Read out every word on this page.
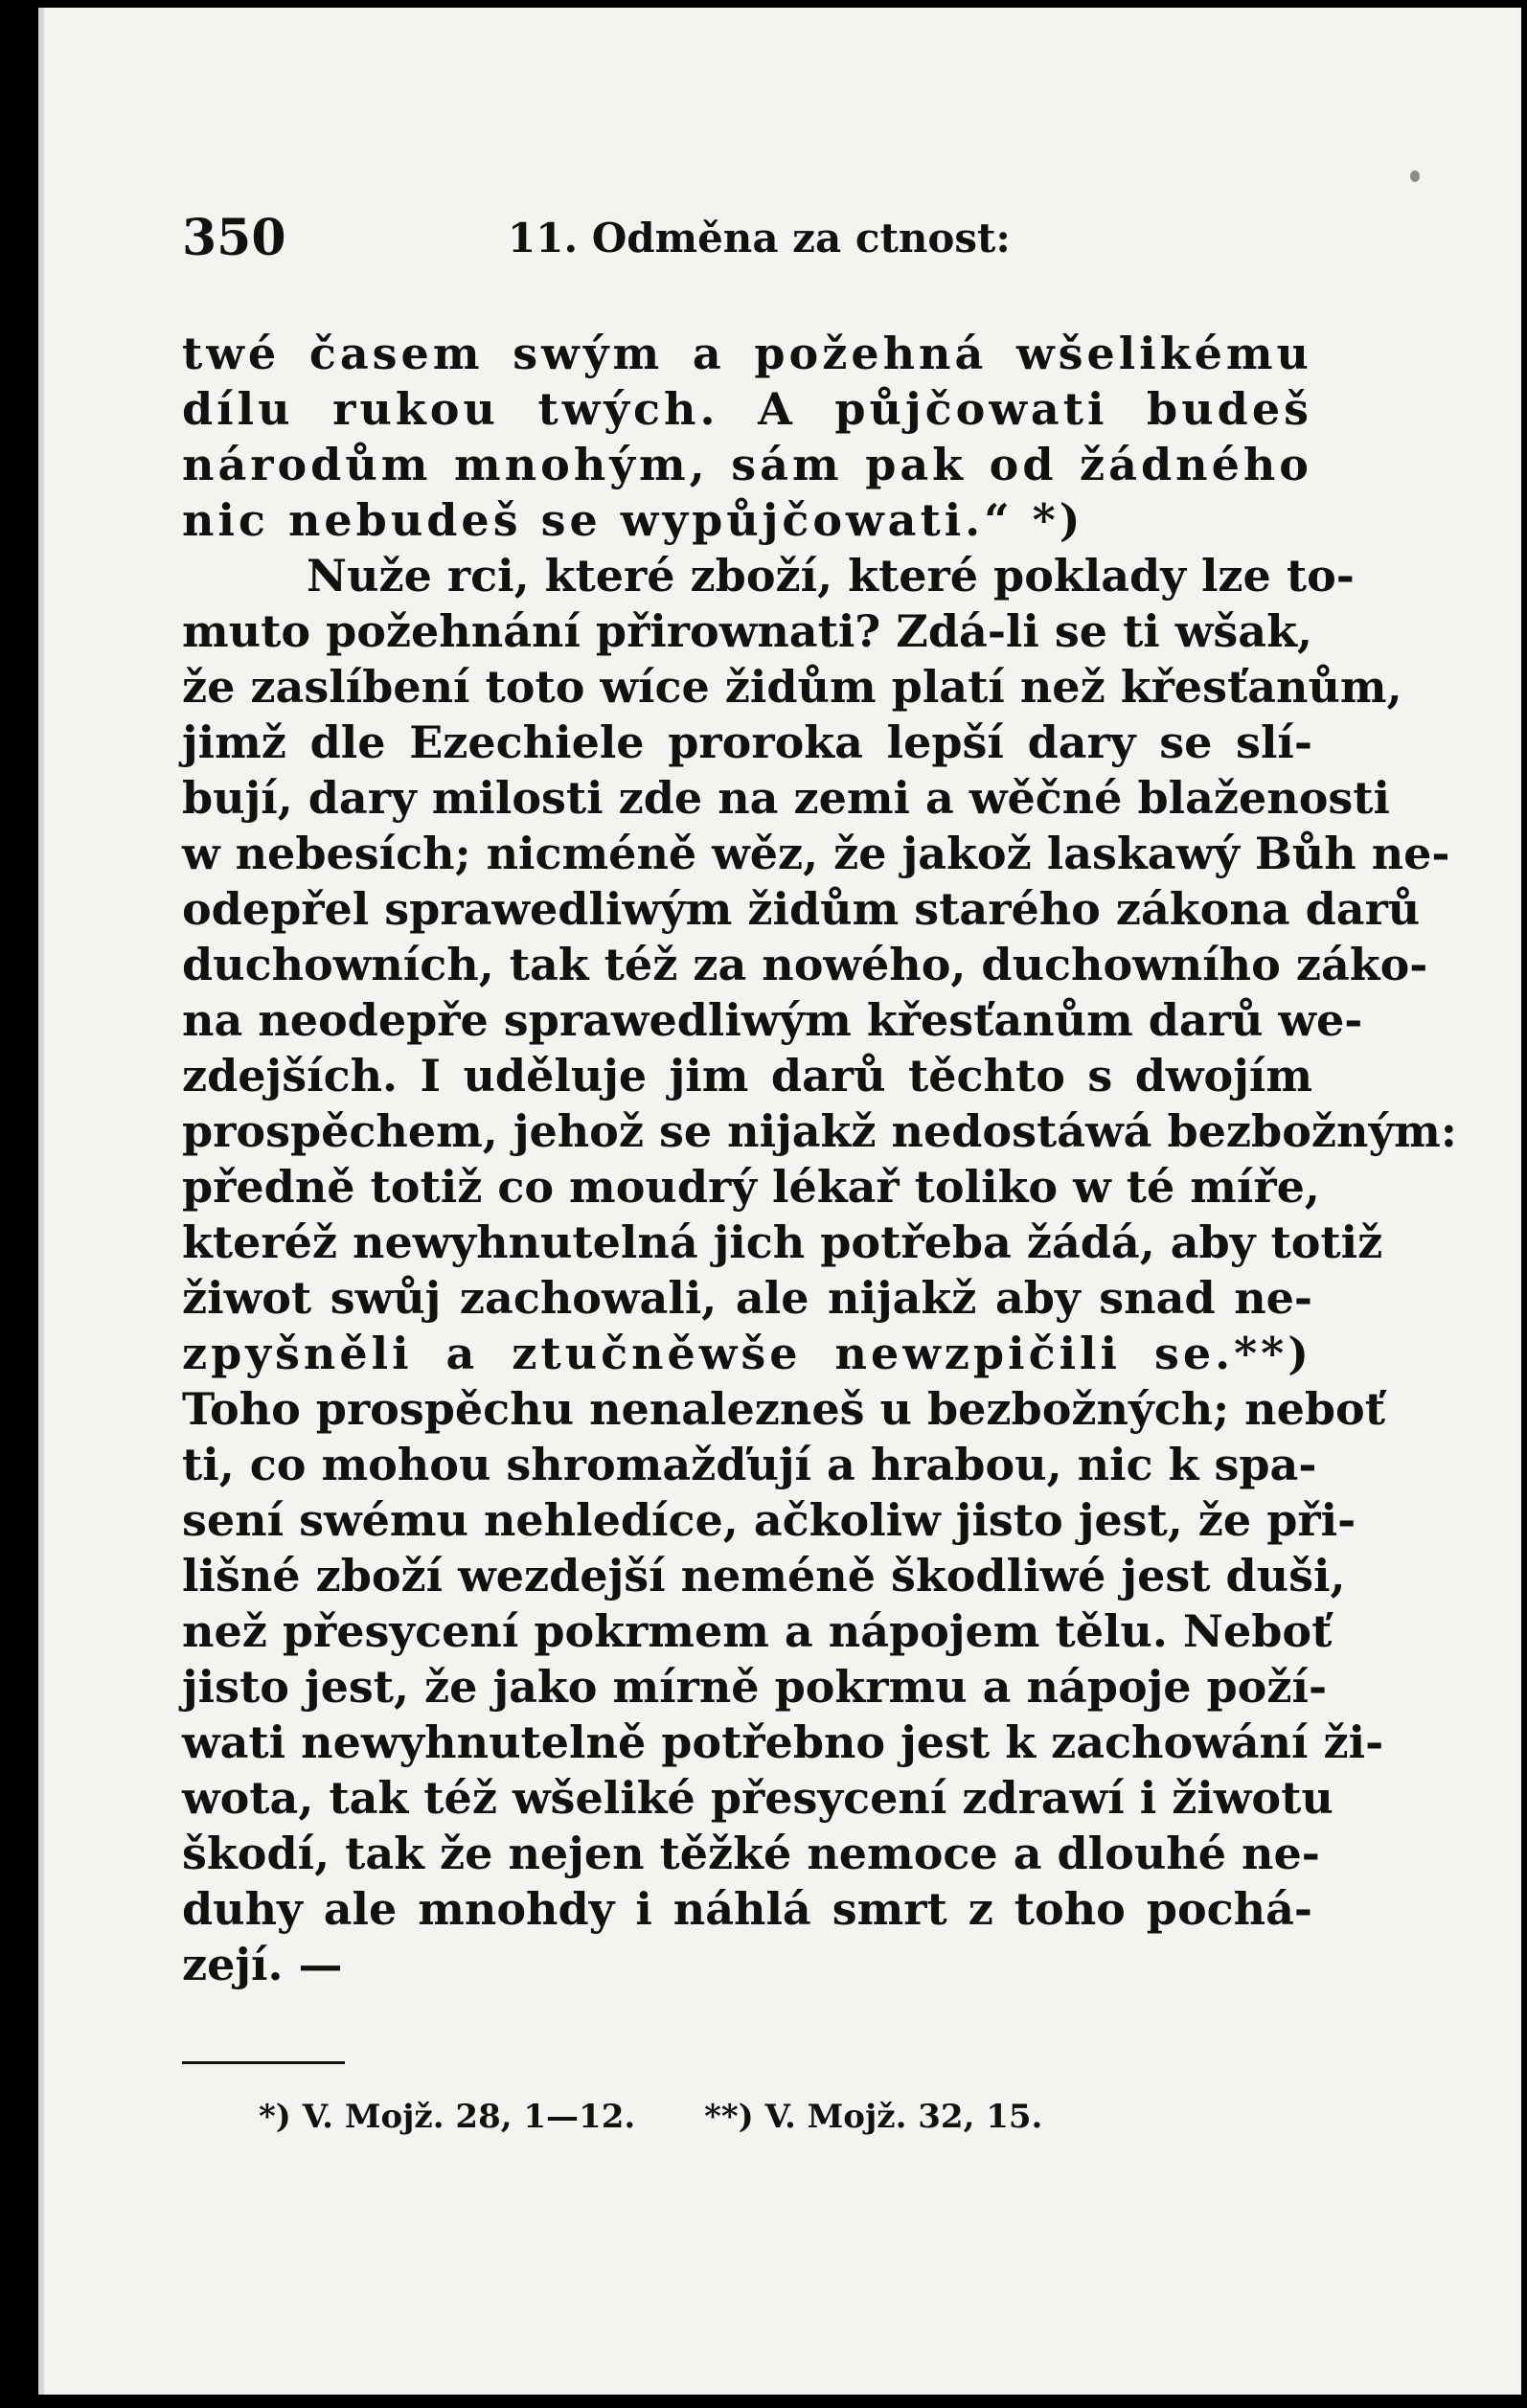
350	11. Odměna za ctnost:
twé časem swým a požehná wšelikému
dílu rukou twých. A půjčowati budeš
národům mnohým, sám pak od žádného
nic nebudeš se wypůjčowati.“ *)
Nuže rci, které zboží, které poklady lze to-
muto požehnání přirownati? Zdá-li se ti wšak,
že zaslíbení toto wíce židům platí než křesťanům,
jimž dle Ezechiele proroka lepší dary se slí-
bují, dary milosti zde na zemi a wěčné blaženosti
w nebesích; nicméně wěz, že jakož laskawý Bůh ne-
odepřel sprawedliwým židům starého zákona darů
duchowních, tak též za nowého, duchowního záko-
na neodepře sprawedliwým křesťanům darů we-
zdejších. I uděluje jim darů těchto s dwojím
prospěchem, jehož se nijakž nedostáwá bezbožným:
předně totiž co moudrý lékař toliko w té míře,
kteréž newyhnutelná jich potřeba žádá, aby totiž
žiwot swůj zachowali, ale nijakž aby snad ne-
zpyšněli a ztučněwše newzpičili se.**)
Toho prospěchu nenalezneš u bezbožných; neboť
ti, co mohou shromažďují a hrabou, nic k spa-
sení swému nehledíce, ačkoliw jisto jest, že při-
lišné zboží wezdejší neméně škodliwé jest duši,
než přesycení pokrmem a nápojem tělu. Neboť
jisto jest, že jako mírně pokrmu a nápoje poží-
wati newyhnutelně potřebno jest k zachowání ži-
wota, tak též wšeliké přesycení zdrawí i žiwotu
škodí, tak že nejen těžké nemoce a dlouhé ne-
duhy ale mnohdy i náhlá smrt z toho pochá-
zejí. —
*) V. Mojž. 28, 1—12. **) V. Mojž. 32, 15.
